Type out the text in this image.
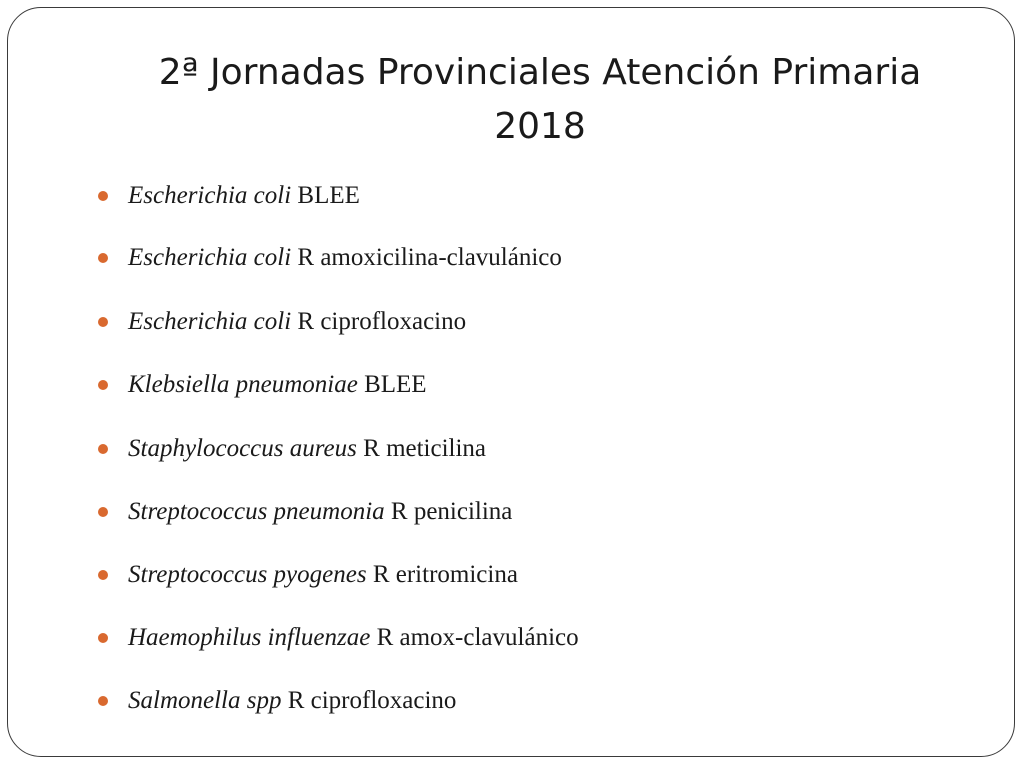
2ª Jornadas Provinciales Atención Primaria
2018
Escherichia coli BLEE
Escherichia coli R amoxicilina-clavulánico
Escherichia coli R ciprofloxacino
Klebsiella pneumoniae BLEE
Staphylococcus aureus R meticilina
Streptococcus pneumonia R penicilina
Streptococcus pyogenes R eritromicina
Haemophilus influenzae R amox-clavulánico
Salmonella spp R ciprofloxacino
